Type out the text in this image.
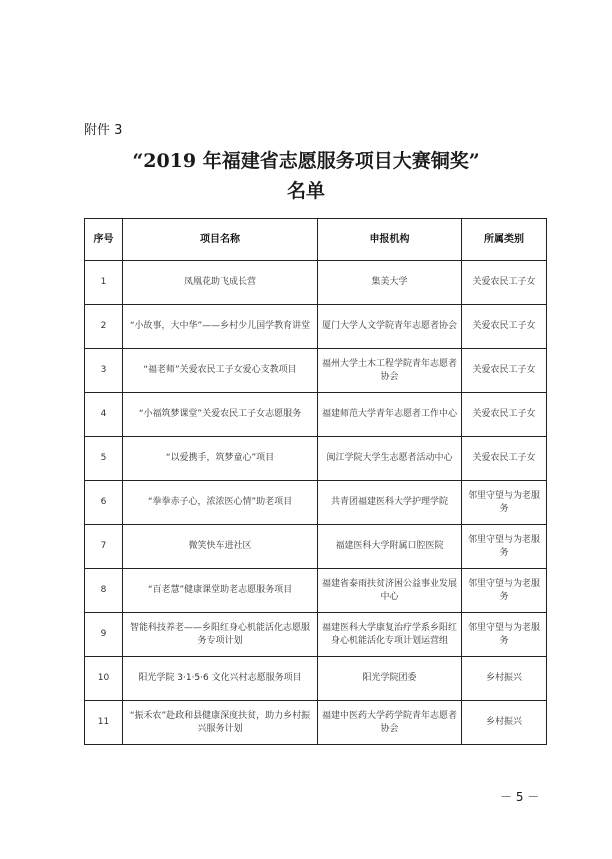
附件 3
“2019 年福建省志愿服务项目大赛铜奖”
名单
序号	项目名称	申报机构	所属类别
1	凤凰花助飞成长营	集美大学	关爱农民工子女
2	“小故事，大中华”——乡村少儿国学教育讲堂	厦门大学人文学院青年志愿者协会	关爱农民工子女
3	“福老师”关爱农民工子女爱心支教项目	福州大学土木工程学院青年志愿者协会	关爱农民工子女
4	“小福筑梦课堂”关爱农民工子女志愿服务	福建师范大学青年志愿者工作中心	关爱农民工子女
5	“以爱携手，筑梦童心”项目	闽江学院大学生志愿者活动中心	关爱农民工子女
6	“拳拳赤子心，浓浓医心情”助老项目	共青团福建医科大学护理学院	邻里守望与为老服务
7	微笑快车进社区	福建医科大学附属口腔医院	邻里守望与为老服务
8	“百老慧”健康课堂助老志愿服务项目	福建省泰雨扶贫济困公益事业发展中心	邻里守望与为老服务
9	智能科技养老——乡阳红身心机能活化志愿服务专项计划	福建医科大学康复治疗学系乡阳红身心机能活化专项计划运营组	邻里守望与为老服务
10	阳光学院 3·1·5·6 文化兴村志愿服务项目	阳光学院团委	乡村振兴
11	“振禾农”赴政和县健康深度扶贫，助力乡村振兴服务计划	福建中医药大学药学院青年志愿者协会	乡村振兴
－ 5 －
